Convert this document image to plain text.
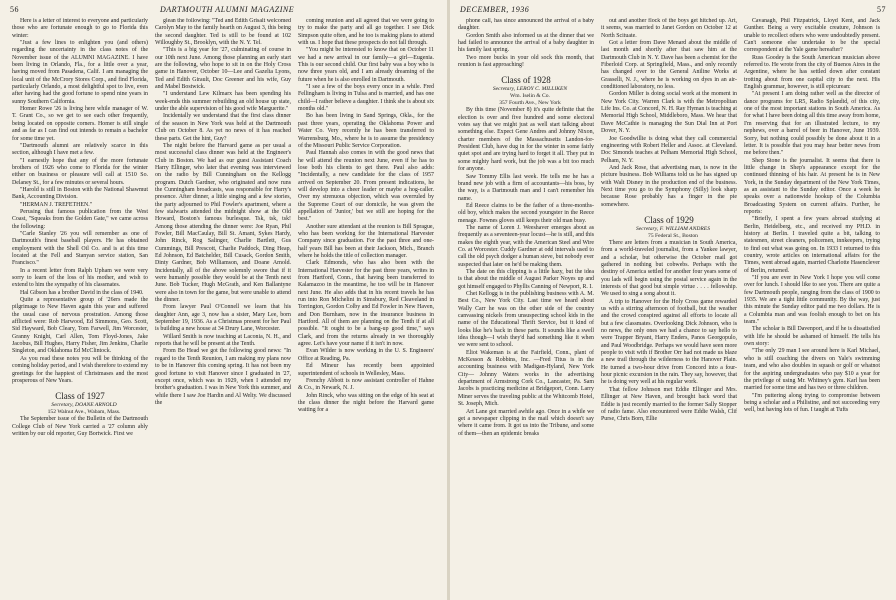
56	DARTMOUTH ALUMNI MAGAZINE

Here is a letter of interest to everyone and particularly those who are fortunate enough to go to Florida this winter:

"Just a few lines to enlighten you (and others) regarding the uncertainty in the class notes of the November issue of the ALUMNI MAGAZINE. I have been living in Orlando, Fla., for a little over a year, having moved from Pasadena, Calif. I am managing the local unit of the McCrory Stores Corp., and find Florida, particularly Orlando, a most delightful spot to live, even after having had the good fortune to spend nine years in sunny Southern California.

Homer Rowe '26 is living here while manager of W. T. Grant Co., so we get to see each other frequently, being located on opposite corners. Homer is still single and as far as I can find out intends to remain a bachelor for some time yet.

"Dartmouth alumni are relatively scarce in this section, although I have met a few.

"I earnestly hope that any of the more fortunate brothers of 1926 who come to Florida for the winter either on business or pleasure will call at 1510 So. Delaney St., for a few minutes or several hours.

"Harold is still in Boston with the National Shawmut Bank, Accounting Division.

"HERMAN J. TREFETHEN."

Perusing that famous publication from the West Coast, "Squeaks from the Golden Gate," we came across the following:

"Carle Stanley '26 you will remember as one of Dartmouth's finest baseball players. He has obtained employment with the Shell Oil Co. and is at this time located at the Fell and Stanyan service station, San Francisco."

In a recent letter from Ralph Upham we were very sorry to learn of the loss of his mother, and wish to extend to him the sympathy of his classmates.

Hal Gibson has a brother David in the class of 1940.

Quite a representative group of '26ers made the pilgrimage to New Haven again this year and suffered the usual case of nervous prostration. Among those afflicted were: Rob Harwood, Ed Simmons, Geo. Scott, Sid Hayward, Bob Cleary, Tom Farwell, Jim Worcester, Granny Knight, Carl Allen, Tom Floyd-Jones, Jake Jacobus, Bill Hughes, Harry Fisher, Jim Jenkins, Charlie Singleton, and Oklahoma Ed McClintock.

As you read these notes you will be thinking of the coming holiday period, and I wish therefore to extend my greetings for the happiest of Christmases and the most prosperous of New Years.

Class of 1927

Secretary, DOANE ARNOLD

152 Walnut Ave., Wabam, Mass.

The September issue of the Bulletin of the Dartmouth College Club of New York carried a '27 column ably written by our old reporter, Guy Bortwick. First we

glean the following: "Ted and Edith Grisalt welcomed Carolyn May to the family hearth on August 3, this being the second daughter. Ted is still to be found at 102 Willoughby St., Brooklyn, with the N. Y. Tel.

"This is a big year for '27, culminating of course in our 10th next June. Among those planning an early start are the following, who hope to sit in on the Holy Cross game in Hanover, October 10—Lee and Gazelta Lyons, Ted and Edith Girault, Doc Greener and his wife, Guy and Mabel Bostwick.

"I understand Lew Kilmarx has been spending his week-ends this summer rebuilding an old house up state, under the able supervision of his good wife Marguerite."

Incidentally we understand that the first class dinner of the season in New York was held at the Dartmouth Club on October 8. As yet no news of it has reached these parts. Get the hint, Guy?

The night before the Harvard game as per usual a most successful class dinner was held at the Engineer's Club in Boston. We had as our guest Assistant Coach Harry Ellinger, who later that evening was interviewed on the radio by Bill Cunningham on the Kellogg program. Dutch Gardner, who originated and now runs the Cunningham broadcasts, was responsible for Harry's presence. After dinner, a little singing and a few stories, the party adjourned to Phil Fowler's apartment, where a few stalwarts attended the midnight show at the Old Howard, Boston's famous burlesque. Tsk, tsk, tsk! Among those attending the dinner were: Joe Ryan, Phil Fowler, Bill MacCaulay, Bill St. Amant, Sykes Hardy, John Rinck, Rog Salinger, Charlie Bartlett, Gus Cummings, Bill Prescott, Charlie Paddock, Ding Heap, Ed Johnson, Ed Batchelder, Bill Cusack, Gordon Smith, Dinty Gardner, Bob Williamson, and Doane Arnold. Incidentally, all of the above solemnly swore that if it were humanly possible they would be at the Tenth next June. Bob Tucker, Hugh McGrath, and Ken Ballantyne were also in town for the game, but were unable to attend the dinner.

From lawyer Paul O'Connell we learn that his daughter Ann, age 3, now has a sister, Mary Lee, born September 19, 1936. As a Christmas present for her Paul is building a new house at 34 Drury Lane, Worcester.

Willard Smith is now teaching at Laconia, N. H., and reports that he will be present at the Tenth.

From Bo Head we got the following good news: "In regard to the Tenth Reunion, I am making my plans now to be in Hanover this coming spring. It has not been my good fortune to visit Hanover since I graduated in '27, except once, which was in 1929, when I attended my brother's graduation. I was in New York this summer, and while there I saw Joe Hardin and Al Welty. We discussed the

coming reunion and all agreed that we were going to try to make the party and all go together. I see Dick Simpson quite often, and he too is making plans to attend with us. I hope that these prospects do not fall through.

"You might be interested to know that on October 11 we had a new arrival in our family—a girl—Eugenia. This is our second child. Our first baby was a boy who is now three years old, and I am already dreaming of the future when he is also enrolled in Dartmouth.

"I see a few of the boys every once in a while. Fred Fellingham is living in Tulsa and is married, and has one child—I rather believe a daughter. I think she is about six months old."

Bo has been living in Sand Springs, Okla., for the past three years, operating the Oklahoma Power and Water Co. Very recently he has been transferred to Warrensburg, Mo., where he is to assume the presidency of the Missouri Public Service Corporation.

Paul Hannah also comes in with the good news that he will attend the reunion next June, even if he has to lose both his clients to get there. Paul also adds: "Incidentally, a new candidate for the class of 1957 arrived on September 20. From present indications, he will develop into a cheer leader or maybe a hog-caller. Over my strenuous objection, which was overruled by the Supreme Court of our domicile, he was given the appellation of 'Junior,' but we still are hoping for the best."

Another sure attendant at the reunion is Bill Sprague, who has been working for the International Harvester Company since graduation. For the past three and one-half years Bill has been at their Jackson, Mich., Branch where he holds the title of collection manager.

Clark Edmonds, who has also been with the International Harvester for the past three years, writes in from Hartford, Conn., that having been transferred to Kalamazoo in the meantime, he too will be in Hanover next June. He also adds that in his recent travels he has run into Ron Michelini in Simsbury, Red Cleaveland in Torrington, Gordon Colby and Ed Fowler in New Haven, and Don Burnham, now in the insurance business in Hartford. All of them are planning on the Tenth if at all possible. "It ought to be a bang-up good time," says Clark, and from the returns already in we thoroughly agree. Let's have your name if it isn't in now.

Evan Wilder is now working in the U. S. Engineers' Office at Reading, Pa.

Ed Mineur has recently been appointed superintendent of schools in Wellesley, Mass.

Frenchy Abbott is now assistant controller of Hahne & Co., in Newark, N. J.

John Rinck, who was sitting on the edge of his seat at the class dinner the night before the Harvard game waiting for a

DECEMBER, 1936	57

phone call, has since announced the arrival of a baby daughter.

Gordon Smith also informed us at the dinner that we had failed to announce the arrival of a baby daughter in his family last spring.

Two more bucks in your old sock this month, that reunion is fast approaching!

Class of 1928

Secretary, LEROY C. MILLIKEN

Wm. Iselin & Co.

357 Fourth Ave., New York

By this time (November 8) it's quite definite that the election is over and five hundred and some electoral votes say that we might just as well start talking about something else. Expect Gene Andres and Johnny Nixon, charter members of the Massachusetts Landon-for-President Club, have dug in for the winter in some fairly quiet spot and are trying hard to forget it all. They put in some mighty hard work, but the job was a bit too much for anyone.

Saw Tommy Ellis last week. He tells me he has a brand new job with a firm of accountants—his boss, by the way, is a Dartmouth man and I can't remember his name.

Ed Reece claims to be the father of a three-months-old boy, which makes the second youngster in the Reece menage. Fownes gloves still keeps their old man busy.

The name of Loren J. Weeshaver emerges about as frequently as a seventeen-year locust—he is still, and this makes the eighth year, with the American Steel and Wire Co. at Worcester. Cuddy Gardner at odd intervals used to call the old psych dodger a human sieve, but nobody ever suspected that later on he'd be making them.

The date on this clipping is a little hazy, but the idea is that about the middle of August Parker Noyes up and got himself engaged to Phyllis Canning of Newport, R. I.

Chet Kellogg is in the publishing business with A. M. Best Co., New York City. Last time we heard about Wally Carr he was on the other side of the country canvassing nickels from unsuspecting school kids in the name of the Educational Thrift Service, but it kind of looks like he's back in these parts. It sounds like a swell idea though—I wish they'd had something like it when we were sent to school.

Eliot Wakeman is at the Fairfield, Conn., plant of McKesson & Robbins, Inc. —Fred Titus is in the accounting business with Madigan-Hyland, New York City— Johnny Waters works in the advertising department of Armstrong Cork Co., Lancaster, Pa. Sam Jacobs is practicing medicine at Bridgeport, Conn. Larry Miner serves the traveling public at the Whitcomb Hotel, St. Joseph, Mich.

Art Lane got married awhile ago. Once in a while we get a newspaper clipping in the mail which doesn't say where it came from. It got us into the Tribune, and some of them—then an epidemic breaks

out and another flock of the boys get hitched up. Art, it seems, was married to Janet Gordon on October 12 at North Scituate.

Got a letter from Dave Menard about the middle of last month and shortly after that saw him at the Dartmouth Club in N. Y. Dave has been a chemist for the Fiberloid Corp. at Springfield, Mass., and only recently has changed over to the General Aniline Works at Grasselli, N. J., where he is working on dyes in an air-conditioned laboratory, no less.

Gordon Miller is doing social work at the moment in New York City. Warren Clark is with the Metropolitan Life Ins. Co. at Concord, N. H. Ray Hyman is teaching at Memorial High School, Middleboro, Mass. We hear that Dave McCathie is managing the Sun Dial Inn at Port Dover, N. Y.

Joe Goodwillie is doing what they call commercial engineering with Robert Heller and Assoc. at Cleveland. Doc Simonds teaches at Pelham Memorial High School, Pelham, N. Y.

And Jack Rose, that advertising man, is now in the picture business. Bob Williams told us he has signed up with Walt Disney in the production end of the business. Next time you go to the Symphony (Silly) look sharp because Rose probably has a finger in the pie somewhere.

Class of 1929

Secretary, F. WILLIAM ANDRES

75 Federal St., Boston

There are letters from a musician in South America, from a world-traveled journalist, from a Yankee lawyer, and a scholar, but otherwise the October mail got gathered in nothing but cobwebs. Perhaps with the destiny of America settled for another four years some of you lads will begin using the postal service again in the interests of that good but simple virtue . . . . fellowship. We used to sing a song about it.

A trip to Hanover for the Holy Cross game rewarded us with a stirring afternoon of football, but the weather and the crowd conspired against all efforts to locate all but a few classmates. Overlooking Dick Johnson, who is no news, the only ones we had a chance to say hello to were Trapper Bryant, Harry Enders, Panos Georgopulo, and Paul Woodbridge. Perhaps we would have seen more people to visit with if Brother Orr had not made us blaze a new trail through the wilderness to the Hanover Plain. He turned a two-hour drive from Concord into a four-hour picnic excursion in the rain. They say, however, that he is doing very well at his regular work.

That fellow Johnson met Eddie Ellinger and Mrs. Ellinger at New Haven, and brought back word that Eddie is just recently married to the former Sally Stopper of radio fame. Also encountered were Eddie Walsh, Clif Purse, Chris Born, Ellie

Cavanagh, Phil Fitzpatrick, Lloyd Kent, and Jack Gunther. Being a very excitable creature, Johnson is unable to recollect others who were undoubtedly present. Can't someone else undertake to be the special correspondent at the Yale game hereafter?

Russ Goodey is the South American musician above referred to. He wrote from the city of Buenos Aires in the Argentine, where he has settled down after constant trotting about from one capital city to the next. His English grammar, however, is still epicurean:

"At present I am doing rather well as the director of dance programs for LR5, Radio Splandid, of this city, one of the most important stations in South America. As for what I have been doing all this time away from home, I'm reserving that for an illustrated lecture, to my nephews, over a barrel of beer in Hanover, June 1939. Sorry, but nothing could possibly be done about it in a letter. It is possible that you may hear better news from me before then."

Shep Stone is the journalist. It seems that there is little change in Shep's appearance except for the continued thinning of his hair. At present he is in New York, in the Sunday department of the New York Times, as an assistant to the Sunday editor. Once a week he speaks over a nationwide hookup of the Columbia Broadcasting System on current affairs. Further, he reports:

"Briefly, I spent a few years abroad studying at Berlin, Heidelberg, etc., and received my PH.D. in history at Berlin. I traveled quite a bit, talking to statesmen, street cleaners, policemen, innkeepers, trying to find out what was going on. In 1933 I returned to this country, wrote articles on international affairs for the Times, went abroad again, married Charlotte Hasenclever of Berlin, returned.

"If you are ever in New York I hope you will come over for lunch. I should like to see you. There are quite a few Dartmouth people, ranging from the class of 1900 to 1935. We are a tight little community. By the way, just this minute the Sunday editor paid me two dollars. He is a Columbia man and was foolish enough to bet on his team."

The scholar is Bill Davenport, and if he is dissatisfied with life he should be ashamed of himself. He tells his own story:

"The only '29 man I see around here is Karl Michael, who is still coaching the divers on Yale's swimming team, and who also doubles in squash or golf or whatnot for the aspiring undergraduates who pay $10 a year for the privilege of using Mr. Whitney's gym. Karl has been married for some time and has two or three children.

"I'm puttering along trying to compromise between being a scholar and a Philistine, and not succeeding very well, but having lots of fun. I taught at Tufts
